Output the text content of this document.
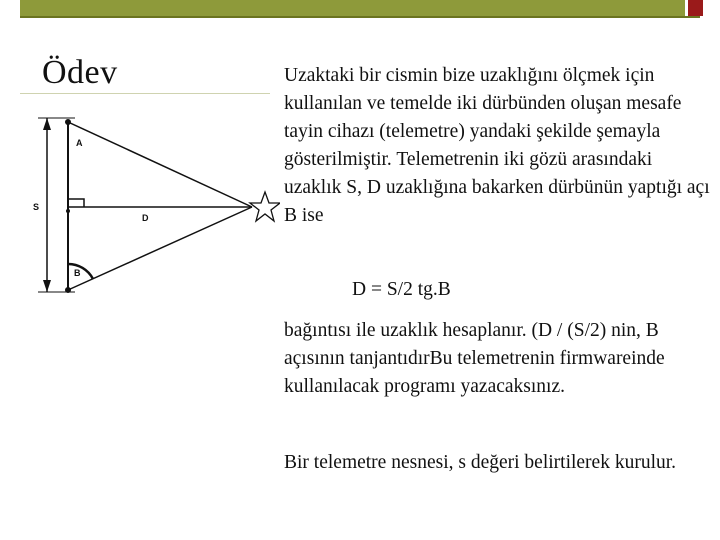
Ödev
A
S
D
B
Uzaktaki bir cismin bize uzaklığını ölçmek için kullanılan ve temelde iki dürbünden oluşan mesafe tayin cihazı (telemetre) yandaki şekilde şemayla gösterilmiştir. Telemetrenin iki gözü arasındaki uzaklık S, D uzaklığına bakarken dürbünün yaptığı açı B ise
D = S/2 tg.B
bağıntısı ile uzaklık hesaplanır. (D / (S/2) nin, B açısının tanjantıdırBu telemetrenin firmwareinde kullanılacak programı yazacaksınız.
Bir telemetre nesnesi, s değeri belirtilerek kurulur.
